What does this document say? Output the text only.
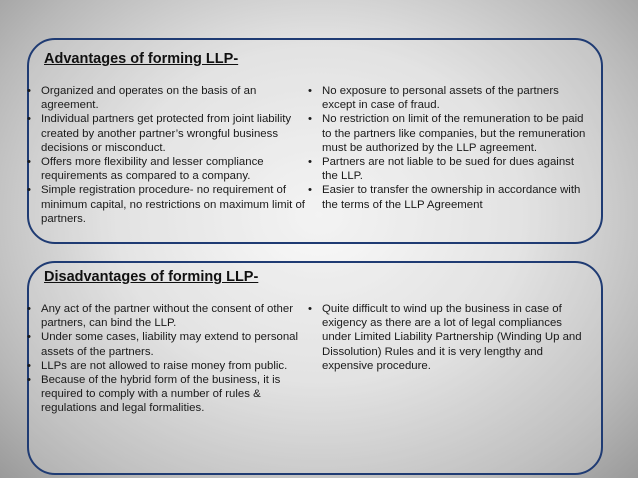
Advantages of forming LLP-
• Organized and operates on the basis of an agreement.
• Individual partners get protected from joint liability created by another partner’s wrongful business decisions or misconduct.
• Offers more flexibility and lesser compliance requirements as compared to a company.
• Simple registration procedure- no requirement of minimum capital, no restrictions on maximum limit of partners.
• No exposure to personal assets of the partners except in case of fraud.
• No restriction on limit of the remuneration to be paid to the partners like companies, but the remuneration must be authorized by the LLP agreement.
• Partners are not liable to be sued for dues against the LLP.
• Easier to transfer the ownership in accordance with the terms of the LLP Agreement
Disadvantages of forming LLP-
• Any act of the partner without the consent of other partners, can bind the LLP.
• Under some cases, liability may extend to personal assets of the partners.
• LLPs are not allowed to raise money from public.
• Because of the hybrid form of the business, it is required to comply with a number of rules & regulations and legal formalities.
• Quite difficult to wind up the business in case of exigency as there are a lot of legal compliances under Limited Liability Partnership (Winding Up and Dissolution) Rules and it is very lengthy and expensive procedure.
